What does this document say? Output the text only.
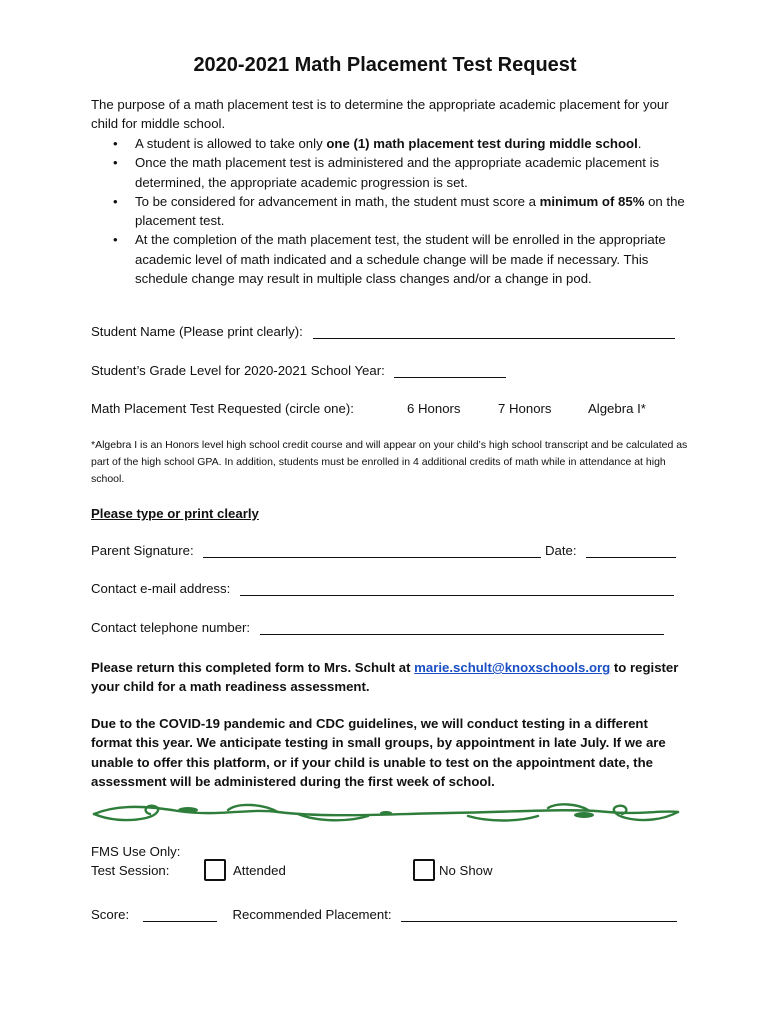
2020-2021 Math Placement Test Request
The purpose of a math placement test is to determine the appropriate academic placement for your child for middle school.
• A student is allowed to take only one (1) math placement test during middle school.
• Once the math placement test is administered and the appropriate academic placement is determined, the appropriate academic progression is set.
• To be considered for advancement in math, the student must score a minimum of 85% on the placement test.
• At the completion of the math placement test, the student will be enrolled in the appropriate academic level of math indicated and a schedule change will be made if necessary. This schedule change may result in multiple class changes and/or a change in pod.
Student Name (Please print clearly):
Student’s Grade Level for 2020-2021 School Year:
Math Placement Test Requested (circle one):	6 Honors	7 Honors	Algebra I*
*Algebra I is an Honors level high school credit course and will appear on your child’s high school transcript and be calculated as part of the high school GPA. In addition, students must be enrolled in 4 additional credits of math while in attendance at high school.
Please type or print clearly
Parent Signature:	Date:
Contact e-mail address:
Contact telephone number:
Please return this completed form to Mrs. Schult at marie.schult@knoxschools.org to register your child for a math readiness assessment.
Due to the COVID-19 pandemic and CDC guidelines, we will conduct testing in a different format this year. We anticipate testing in small groups, by appointment in late July. If we are unable to offer this platform, or if your child is unable to test on the appointment date, the assessment will be administered during the first week of school.
FMS Use Only:
Test Session:	Attended	No Show
Score:	Recommended Placement:
